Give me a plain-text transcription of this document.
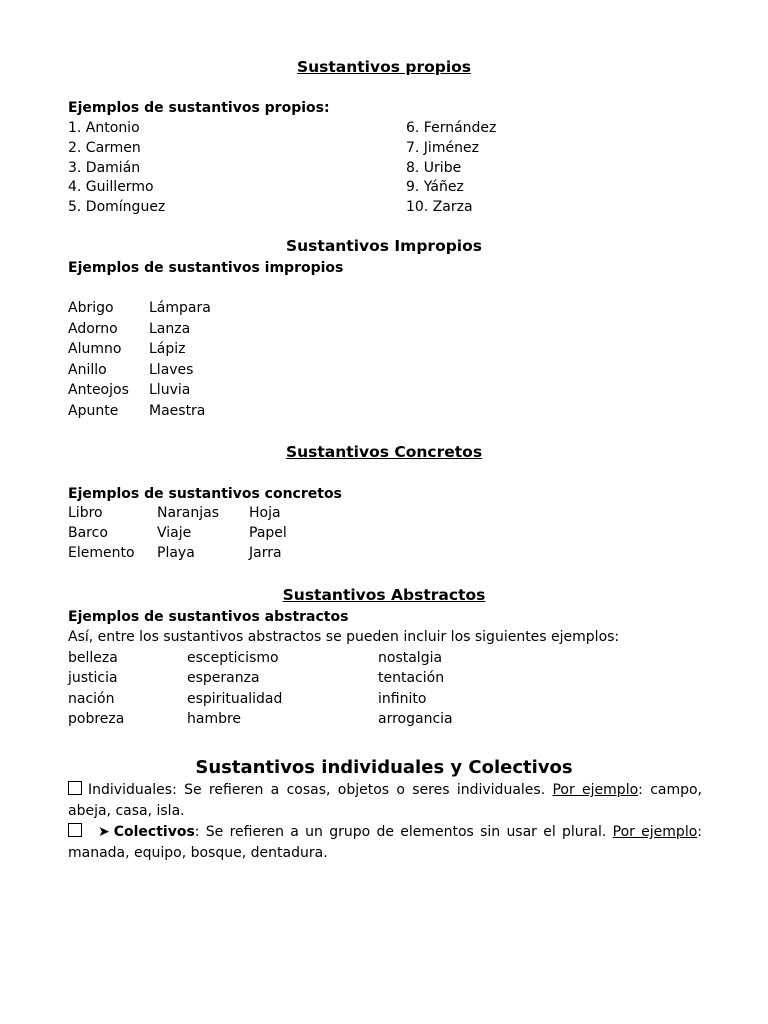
Sustantivos propios
Ejemplos de sustantivos propios:
1. Antonio
2. Carmen
3. Damián
4. Guillermo
5. Domínguez
6. Fernández
7. Jiménez
8. Uribe
9. Yáñez
10. Zarza
Sustantivos Impropios
Ejemplos de sustantivos impropios
Abrigo
Adorno
Alumno
Anillo
Anteojos
Apunte
Lámpara
Lanza
Lápiz
Llaves
Lluvia
Maestra
Sustantivos Concretos
Ejemplos de sustantivos concretos
Libro
Barco
Elemento
Naranjas
Viaje
Playa
Hoja
Papel
Jarra
Sustantivos Abstractos
Ejemplos de sustantivos abstractos
Así, entre los sustantivos abstractos se pueden incluir los siguientes ejemplos:
belleza
justicia
nación
pobreza
escepticismo
esperanza
espiritualidad
hambre
nostalgia
tentación
infinito
arrogancia
Sustantivos individuales y Colectivos
Individuales: Se refieren a cosas, objetos o seres individuales. Por ejemplo: campo, abeja, casa, isla.
➤ Colectivos: Se refieren a un grupo de elementos sin usar el plural. Por ejemplo: manada, equipo, bosque, dentadura.
